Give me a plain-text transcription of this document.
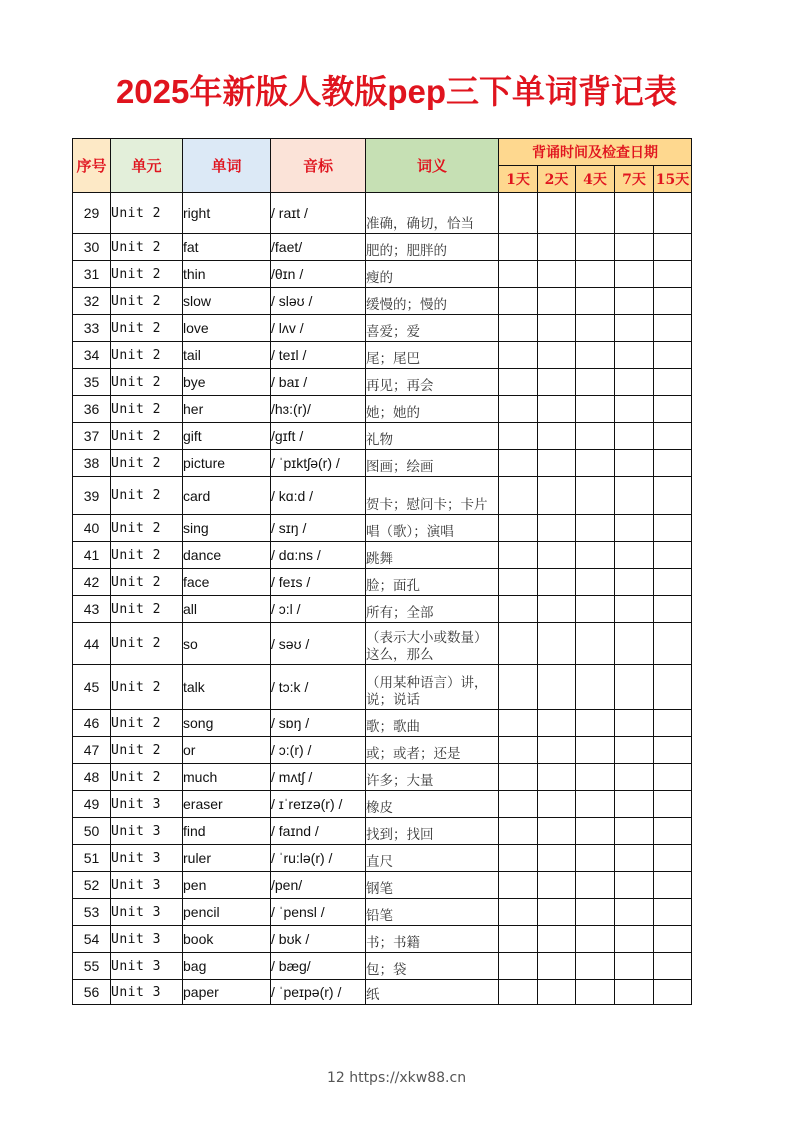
2025年新版人教版pep三下单词背记表
序号	单元	单词	音标	词义	背诵时间及检查日期				
					1天	2天	4天	7天	15天
29	Unit 2	right	/ raɪt /	准确，确切，恰当					
30	Unit 2	fat	/faet/	肥的；肥胖的					
31	Unit 2	thin	/θɪn /	瘦的					
32	Unit 2	slow	/ sləʊ /	缓慢的；慢的					
33	Unit 2	love	/ lʌv /	喜爱；爱					
34	Unit 2	tail	/ teɪl /	尾；尾巴					
35	Unit 2	bye	/ baɪ /	再见；再会					
36	Unit 2	her	/hɜ:(r)/	她；她的					
37	Unit 2	gift	/gɪft /	礼物					
38	Unit 2	picture	/ ˈpɪktʃə(r) /	图画；绘画					
39	Unit 2	card	/ kɑ:d /	贺卡；慰问卡；卡片					
40	Unit 2	sing	/ sɪŋ /	唱（歌）；演唱					
41	Unit 2	dance	/ dɑ:ns /	跳舞					
42	Unit 2	face	/ feɪs /	脸；面孔					
43	Unit 2	all	/ ɔ:l /	所有；全部					
44	Unit 2	so	/ səʊ /	（表示大小或数量）这么，那么					
45	Unit 2	talk	/ tɔ:k /	（用某种语言）讲，说；说话					
46	Unit 2	song	/ sɒŋ /	歌；歌曲					
47	Unit 2	or	/ ɔ:(r) /	或；或者；还是					
48	Unit 2	much	/ mʌtʃ /	许多；大量					
49	Unit 3	eraser	/ ɪˈreɪzə(r) /	橡皮					
50	Unit 3	find	/ faɪnd /	找到；找回					
51	Unit 3	ruler	/ ˈru:lə(r) /	直尺					
52	Unit 3	pen	/pen/	钢笔					
53	Unit 3	pencil	/ ˈpensl /	铅笔					
54	Unit 3	book	/ bʊk /	书；书籍					
55	Unit 3	bag	/ bæg/	包；袋					
56	Unit 3	paper	/ ˈpeɪpə(r) /	纸					
12 https://xkw88.cn
